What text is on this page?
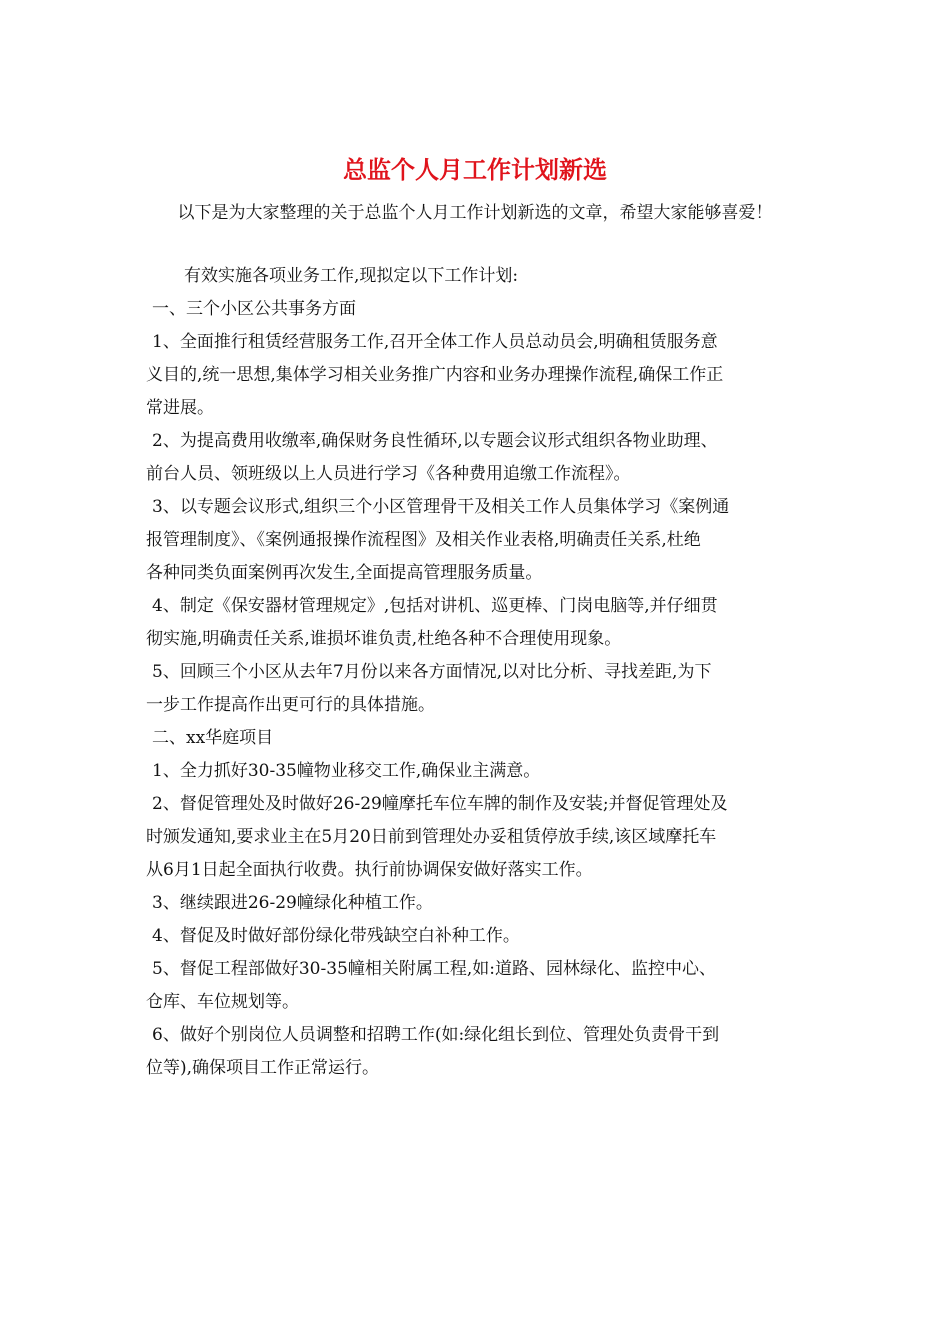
总监个人月工作计划新选
以下是为大家整理的关于总监个人月工作计划新选的文章，希望大家能够喜爱！
有效实施各项业务工作,现拟定以下工作计划:
一、三个小区公共事务方面
1、全面推行租赁经营服务工作,召开全体工作人员总动员会,明确租赁服务意
义目的,统一思想,集体学习相关业务推广内容和业务办理操作流程,确保工作正
常进展。
2、为提高费用收缴率,确保财务良性循环,以专题会议形式组织各物业助理、
前台人员、领班级以上人员进行学习《各种费用追缴工作流程》。
3、以专题会议形式,组织三个小区管理骨干及相关工作人员集体学习《案例通
报管理制度》、《案例通报操作流程图》及相关作业表格,明确责任关系,杜绝
各种同类负面案例再次发生,全面提高管理服务质量。
4、制定《保安器材管理规定》,包括对讲机、巡更棒、门岗电脑等,并仔细贯
彻实施,明确责任关系,谁损坏谁负责,杜绝各种不合理使用现象。
5、回顾三个小区从去年7月份以来各方面情况,以对比分析、寻找差距,为下
一步工作提高作出更可行的具体措施。
二、xx华庭项目
1、全力抓好30-35幢物业移交工作,确保业主满意。
2、督促管理处及时做好26-29幢摩托车位车牌的制作及安装;并督促管理处及
时颁发通知,要求业主在5月20日前到管理处办妥租赁停放手续,该区域摩托车
从6月1日起全面执行收费。执行前协调保安做好落实工作。
3、继续跟进26-29幢绿化种植工作。
4、督促及时做好部份绿化带残缺空白补种工作。
5、督促工程部做好30-35幢相关附属工程,如:道路、园林绿化、监控中心、
仓库、车位规划等。
6、做好个别岗位人员调整和招聘工作(如:绿化组长到位、管理处负责骨干到
位等),确保项目工作正常运行。
